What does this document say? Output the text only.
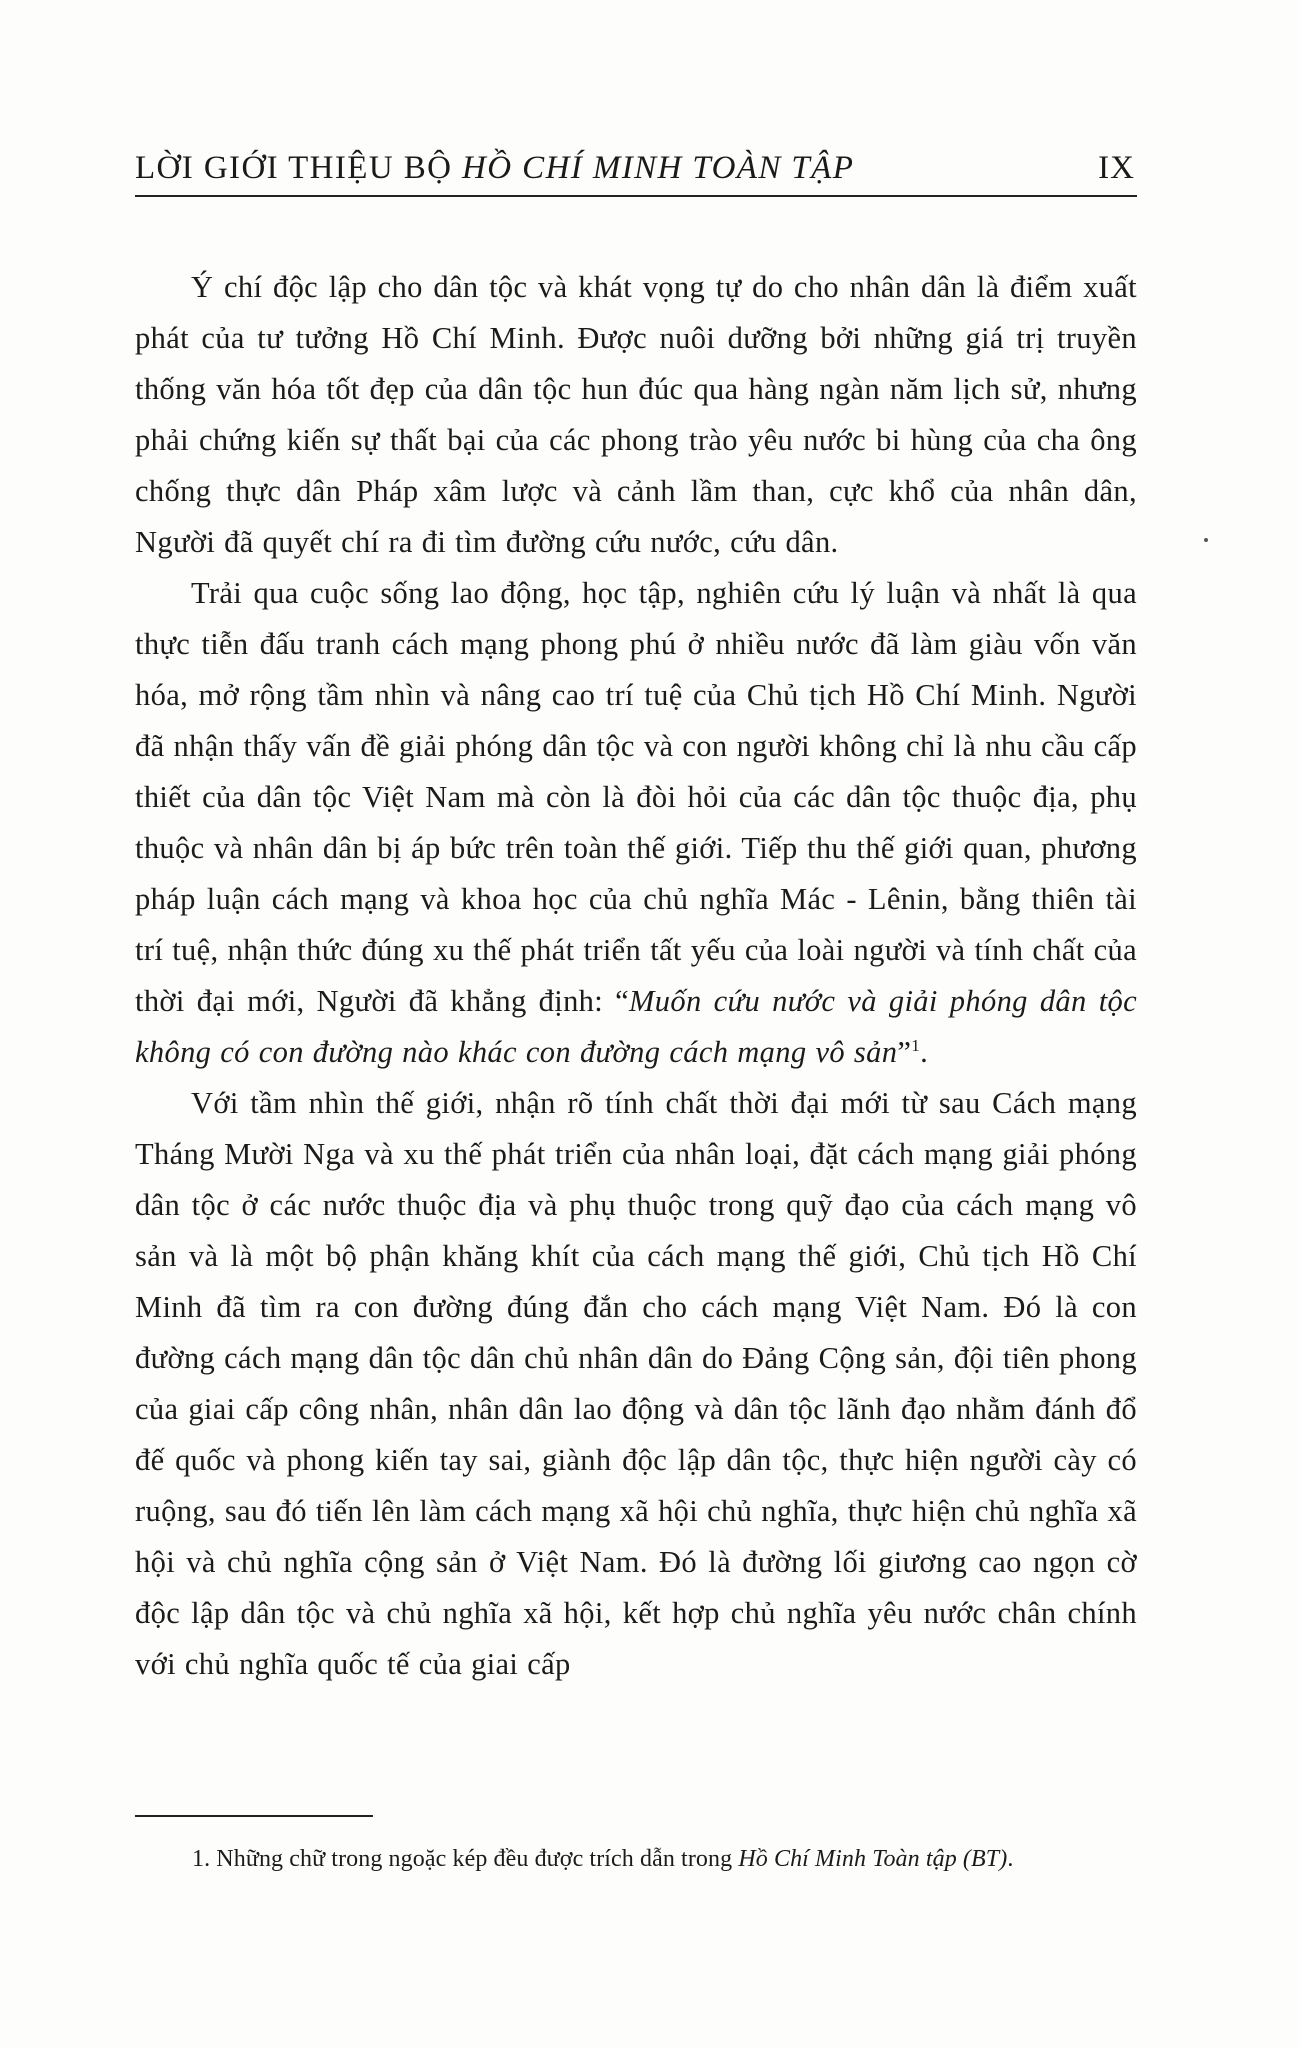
LỜI GIỚI THIỆU BỘ HỒ CHÍ MINH TOÀN TẬP	IX

Ý chí độc lập cho dân tộc và khát vọng tự do cho nhân dân là điểm xuất phát của tư tưởng Hồ Chí Minh. Được nuôi dưỡng bởi những giá trị truyền thống văn hóa tốt đẹp của dân tộc hun đúc qua hàng ngàn năm lịch sử, nhưng phải chứng kiến sự thất bại của các phong trào yêu nước bi hùng của cha ông chống thực dân Pháp xâm lược và cảnh lầm than, cực khổ của nhân dân, Người đã quyết chí ra đi tìm đường cứu nước, cứu dân.

Trải qua cuộc sống lao động, học tập, nghiên cứu lý luận và nhất là qua thực tiễn đấu tranh cách mạng phong phú ở nhiều nước đã làm giàu vốn văn hóa, mở rộng tầm nhìn và nâng cao trí tuệ của Chủ tịch Hồ Chí Minh. Người đã nhận thấy vấn đề giải phóng dân tộc và con người không chỉ là nhu cầu cấp thiết của dân tộc Việt Nam mà còn là đòi hỏi của các dân tộc thuộc địa, phụ thuộc và nhân dân bị áp bức trên toàn thế giới. Tiếp thu thế giới quan, phương pháp luận cách mạng và khoa học của chủ nghĩa Mác - Lênin, bằng thiên tài trí tuệ, nhận thức đúng xu thế phát triển tất yếu của loài người và tính chất của thời đại mới, Người đã khẳng định: “Muốn cứu nước và giải phóng dân tộc không có con đường nào khác con đường cách mạng vô sản”$^1$.

Với tầm nhìn thế giới, nhận rõ tính chất thời đại mới từ sau Cách mạng Tháng Mười Nga và xu thế phát triển của nhân loại, đặt cách mạng giải phóng dân tộc ở các nước thuộc địa và phụ thuộc trong quỹ đạo của cách mạng vô sản và là một bộ phận khăng khít của cách mạng thế giới, Chủ tịch Hồ Chí Minh đã tìm ra con đường đúng đắn cho cách mạng Việt Nam. Đó là con đường cách mạng dân tộc dân chủ nhân dân do Đảng Cộng sản, đội tiên phong của giai cấp công nhân, nhân dân lao động và dân tộc lãnh đạo nhằm đánh đổ đế quốc và phong kiến tay sai, giành độc lập dân tộc, thực hiện người cày có ruộng, sau đó tiến lên làm cách mạng xã hội chủ nghĩa, thực hiện chủ nghĩa xã hội và chủ nghĩa cộng sản ở Việt Nam. Đó là đường lối giương cao ngọn cờ độc lập dân tộc và chủ nghĩa xã hội, kết hợp chủ nghĩa yêu nước chân chính với chủ nghĩa quốc tế của giai cấp

1. Những chữ trong ngoặc kép đều được trích dẫn trong Hồ Chí Minh Toàn tập (BT).
